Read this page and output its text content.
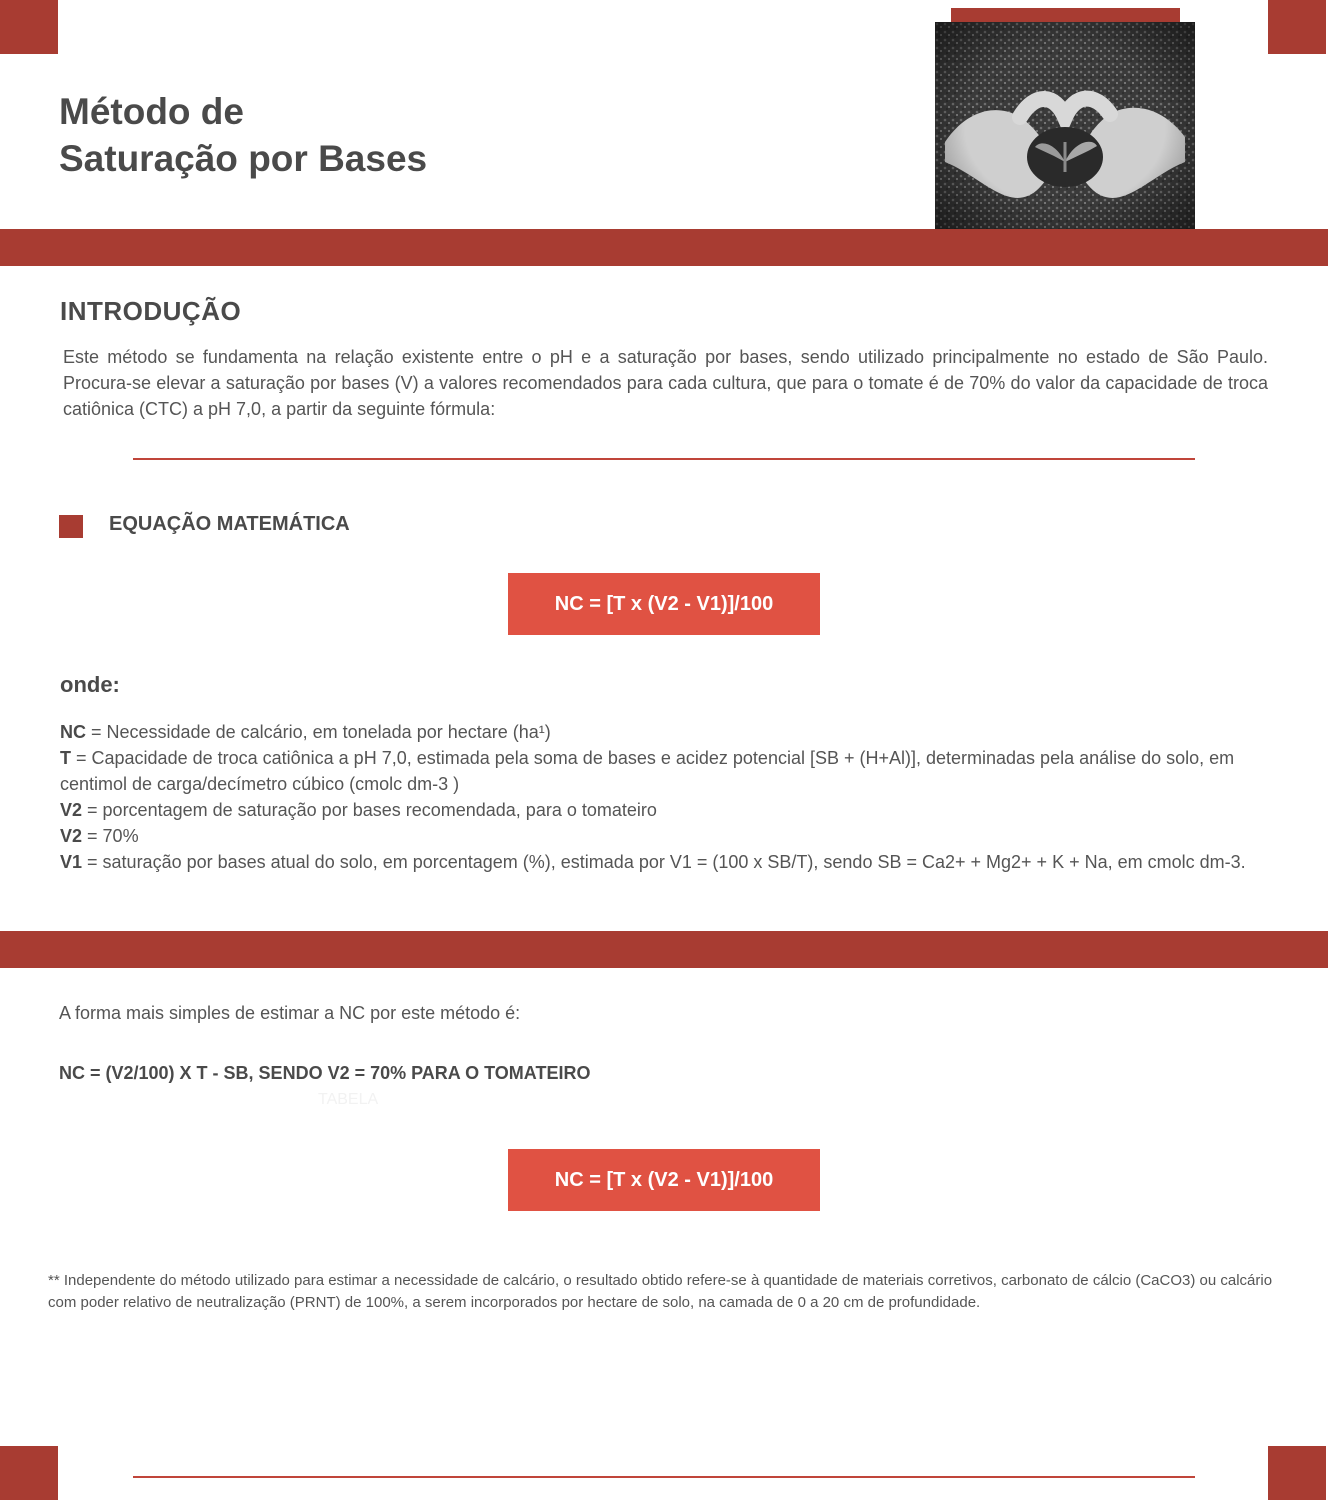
Método de
Saturação por Bases
INTRODUÇÃO
Este método se fundamenta na relação existente entre o pH e a saturação por bases, sendo utilizado principalmente no estado de São Paulo. Procura-se elevar a saturação por bases (V) a valores recomendados para cada cultura, que para o tomate é de 70% do valor da capacidade de troca catiônica (CTC) a pH 7,0, a partir da seguinte fórmula:
EQUAÇÃO MATEMÁTICA
NC = [T x (V2 - V1)]/100
onde:
NC = Necessidade de calcário, em tonelada por hectare (ha¹)
T = Capacidade de troca catiônica a pH 7,0, estimada pela soma de bases e acidez potencial [SB + (H+Al)], determinadas pela análise do solo, em centimol de carga/decímetro cúbico (cmolc dm-3 )
V2 = porcentagem de saturação por bases recomendada, para o tomateiro
V2 = 70%
V1 = saturação por bases atual do solo, em porcentagem (%), estimada por V1 = (100 x SB/T), sendo SB = Ca2+ + Mg2+ + K + Na, em cmolc dm-3.
A forma mais simples de estimar a NC por este método é:
NC = (V2/100) X T - SB, SENDO V2 = 70% PARA O TOMATEIRO
TABELA
NC = [T x (V2 - V1)]/100
** Independente do método utilizado para estimar a necessidade de calcário, o resultado obtido refere-se à quantidade de materiais corretivos, carbonato de cálcio (CaCO3) ou calcário com poder relativo de neutralização (PRNT) de 100%, a serem incorporados por hectare de solo, na camada de 0 a 20 cm de profundidade.
